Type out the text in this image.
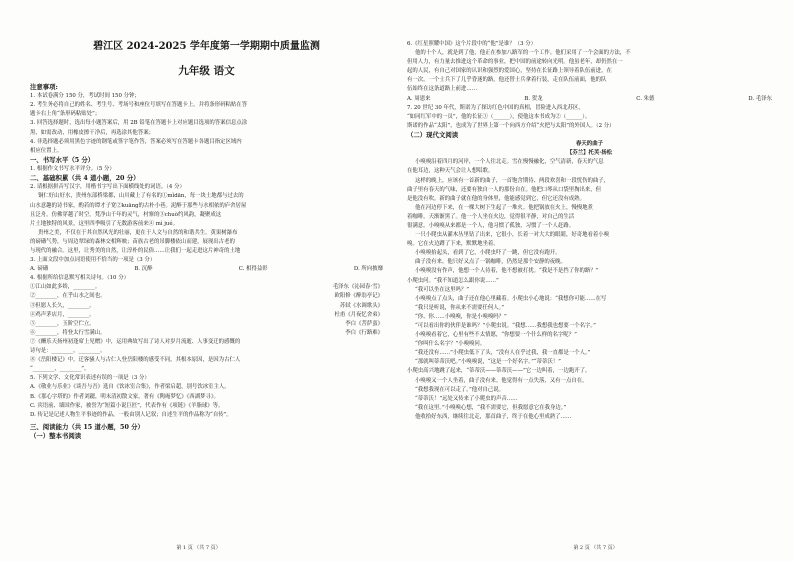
碧江区 2024-2025 学年度第一学期期中质量监测

九年级 语文

注意事项:

1. 本试卷满分 150 分，考试时间 150 分钟；

2. 考生务必将自己的姓名、考生号、考场号和座位号填写在答题卡上，并将条形码粘贴在答

题卡右上角“条形码粘贴处”；

3. 回答选择题时，选出每小题答案后，用 2B 铅笔在答题卡上对应题目选项的答案信息点涂

黑，如需改动，用橡皮擦干净后，再选涂其他答案；

4. 非选择题必须用黑色字迹的钢笔或签字笔作答，答案必须写在答题卡各题目指定区域内

相应位置上。

一、书写水平（5 分）

1. 根据作文书写水平评分。（5 分）

二、基础积累（共 4 道小题，20 分）

2. 请根据拼音写汉字，用楷书字写出下面横线处的词语。（4 分）

铜仁好山好水，贵州东部桥梁都，山川藏上了有名的①mǐdān，每一块土地都与过去的

山水意趣的诗书家，酌若的谭才子宽②kuāng的古朴小巷。泥醉于那些与水相依的庐舍居屋

且泛舟，仿佛穿越了时空。梵净山千年的灵气，村寨的③chuò约风韵，凝聚成这

片土地独特的风景，这里四季吸引了无数游客前来④ mì jué。

贵州之美，不仅在于其自然风光的壮丽，更在于人文与自然的和谐共生。黄果树瀑布

的磅礴气势，与周边翠绿的森林交相辉映；苗族古老的吊脚楼依山而建，展现出古老的

与现代的融合。这里，让秀美的自然，让淳朴的民俗……让我们一起走进这片神奇的土地

3. 上面文段中加点词语使用不恰当的一项是（3 分）

A. 磅礴	B. 沉醉	C. 相得益彰	D. 所向披靡

4. 根据所给信息默写相关诗句。（10 分）

①江山如此多娇，________。	毛泽东《沁园春·雪》
②________，在乎山水之间也。	欧阳修《醉翁亭记》
③但愿人长久，________。	苏轼《水调歌头》
④鸡声茅店月，________。	杜甫《月夜忆舍弟》
⑤________，玉阶空伫立。	李白《菩萨蛮》
⑥________，将登太行雪满山。	李白《行路难》

⑦《酬乐天扬州初逢席上见赠》中，运用典故写出了诗人对岁月流逝、人事变迁的感慨的

诗句是：________，________。

⑧《岳阳楼记》中，迁客骚人与古仁人登岳阳楼的感受不同，其根本原因，是因为古仁人

“________，________”。

5. 下列文学、文化常识表述有误的一项是（3 分）

A.《敬业与乐业》《谈吾与吾》选自《饮冰室合集》，作者梁启超，别号饮冰室主人。

B.《那心字塔的》作者刘勰，明末清初散文家，著有《陶庵梦忆》《西湖梦寻》。

C. 宾语前、墙国作家，被誉为“短篇小说巨匠”，代表作有《项链》《羊脂球》等。

D. 传记是记述人物生平事迹的作品，一般由别人记叙；自述生平的作品称为“自传”。

三、阅读能力（共 15 道小题，50 分）

（一）整本书阅读

第 1 页 （共 7 页）

6.《红星照耀中国》这个片段中的“他”是谁？（3 分）

他的十个人，就是到了他，他正在参加八路军的一个工作。他们采用了一个会面的方法，不

但用人力，有力量去推进这个革命的事业，把中国的前途转向光明。他虽老年，却仍然在一

起的人民，有自己对国家的认识和强烈的爱国心，坚持在长征路上领导着队伍前进，在

有一次，一个士兵下了几乎昏迷的路，他还替士兵拿着行装，走在队伍前面，他的队

伍始终在这条道路上前进……

A. 周恩来	B. 贺龙	C. 朱德	D. 毛泽东

7. 20 世纪 30 年代，斯诺为了探访红色中国的真相，冒险进入西北苏区，

“如同红军中的一员”，他的长征①（______），使他这本书成为②（______）。

斯诺的作品“太阳”，也成为了世界上第一个向西方介绍“火把与太阳”的外国人。（2 分）

（二）现代文阅读

春天的曲子

【芬兰】托芙·扬松

小嗅嗅沿着四月的河岸，一个人往北走。雪在慢慢融化，空气清新，春天的气息

在他耳边，这种天气会让人想唱歌。

这样的晚上，应该有一首新的曲子，一首饱含期待、两段欢喜和一段忧伤的曲子，

曲子里有春天的气味，还要有独自一人的那份自在。他把口琴从口袋里掏出来，但

是他没有吹。新的曲子就在他的身体里，他能感觉到它，但它还没有成熟。

他在河边停下来，在一棵大树下生起了一堆火。他把锅放在火上，慢慢地煮

着咖啡，天渐渐黑了。他一个人坐在火边，觉得很平静，对自己的生活

很满意。小嗅嗅从来都是一个人，他习惯了孤独，习惯了一个人赶路。

一只小爬虫从灌木丛里钻了出来，它很小，长着一对大大的眼睛，好奇地看着小嗅

嗅。它在火边蹲了下来，默默地坐着。

小嗅嗅抬起头，看到了它，小爬虫吓了一跳，但它没有跑开。

曲子没有来。他只好又点了一锅咖啡，仍然是那个安静的夜晚。

小嗅嗅没有作声，他想一个人待着，他不想被打扰。“我是不是挡了你的路？”

小爬虫问。“我不知道怎么跟你说……”

“我可以坐在这里吗？”

小嗅嗅点了点头，曲子还在他心里藏着。小爬虫小心地说：“我想你可能……在写

“我只是听说，你从来不需要任何人。”

“你、你……小嗅嗅，你是小嗅嗅吗？”

“可以看出你的伙伴是谁吗？”小爬虫说。“我想……我想我也想要一个名字。”

小嗅嗅看着它，心里有些不太情愿，“你想要一个什么样的名字呢？”

“你叫什么名字？”小嗅嗅问。

“我还没有……”小爬虫低下了头，“没有人在乎过我，我一直都是一个人。”

“那就叫蒂蒂沃吧。”小嗅嗅说，“这是一个好名字。”“蒂蒂沃！”

小爬虫高兴地跳了起来，“蒂蒂沃——蒂蒂沃——”它一边叫着，一边跑开了。

小嗅嗅又一个人坐着，曲子没有来。他觉得有一点失落，又有一点自在。

“我想我现在可以走了。”他对自己说。

“蒂蒂沃！”远处又传来了小爬虫的声音……

“我在这里。”小嗅嗅心想，“我不需要它，但我愿意它在我身边。”

他收拾好东西，继续往北走，那首曲子，终于在他心里成熟了……

第 2 页 （共 7 页）
